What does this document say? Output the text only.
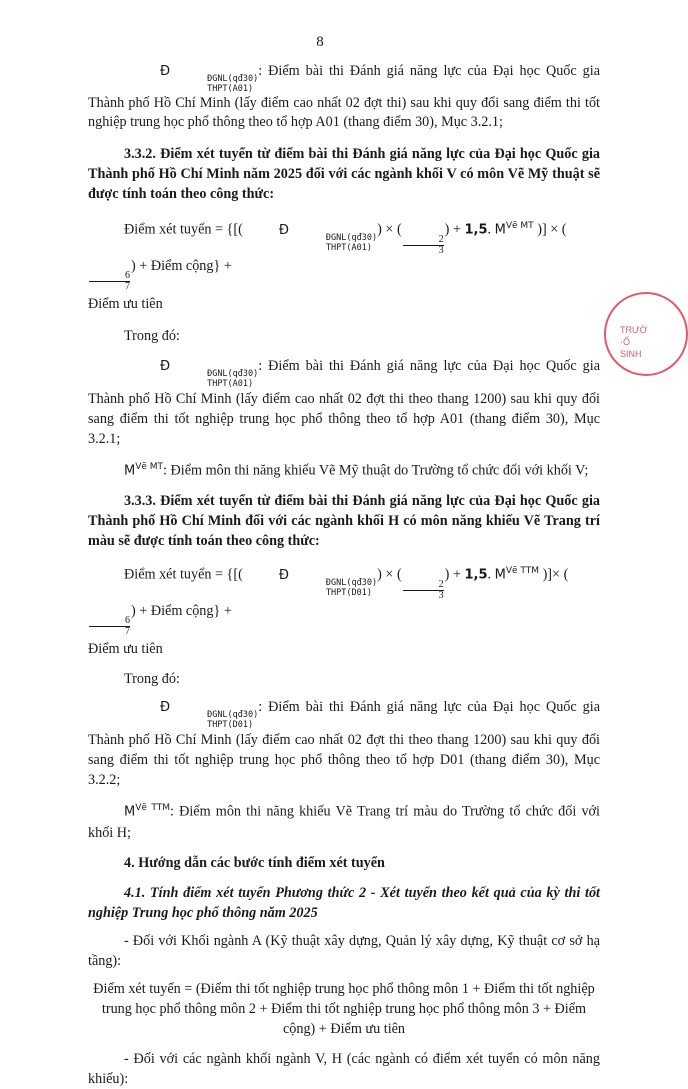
8

Đ	ĐGNL(qđ30)
THPT(A01)
: Điểm bài thi Đánh giá năng lực của Đại học Quốc gia Thành phố Hồ Chí Minh (lấy điểm cao nhất 02 đợt thi) sau khi quy đổi sang điểm thi tốt nghiệp trung học phổ thông theo tổ hợp A01 (thang điểm 30), Mục 3.2.1;

3.3.2. Điểm xét tuyển từ điểm bài thi Đánh giá năng lực của Đại học Quốc gia Thành phố Hồ Chí Minh năm 2025 đối với các ngành khối V có môn Vẽ Mỹ thuật sẽ được tính toán theo công thức:

Điểm xét tuyển = {[(	Đ	ĐGNL(qđ30)
THPT(A01)
) × (
$\frac{2}{3}$
) + 1,5. $M^{Vẽ MT}$ )] × (
$\frac{6}{7}$
) + Điểm cộng} +

Điểm ưu tiên

Trong đó:

Đ	ĐGNL(qđ30)
THPT(A01)
: Điểm bài thi Đánh giá năng lực của Đại học Quốc gia Thành phố Hồ Chí Minh (lấy điểm cao nhất 02 đợt thi theo thang 1200) sau khi quy đổi sang điểm thi tốt nghiệp trung học phổ thông theo tổ hợp A01 (thang điểm 30), Mục 3.2.1;

$M^{Vẽ MT}$: Điểm môn thi năng khiếu Vẽ Mỹ thuật do Trường tổ chức đối với khối V;

3.3.3. Điểm xét tuyển từ điểm bài thi Đánh giá năng lực của Đại học Quốc gia Thành phố Hồ Chí Minh đối với các ngành khối H có môn năng khiếu Vẽ Trang trí màu sẽ được tính toán theo công thức:

Điểm xét tuyển = {[(	Đ	ĐGNL(qđ30)
THPT(D01)
) × (
$\frac{2}{3}$
) + 1,5. $M^{Vẽ TTM}$ )]× (
$\frac{6}{7}$
) + Điểm cộng} +

Điểm ưu tiên

Trong đó:

Đ	ĐGNL(qđ30)
THPT(D01)
: Điểm bài thi Đánh giá năng lực của Đại học Quốc gia Thành phố Hồ Chí Minh (lấy điểm cao nhất 02 đợt thi theo thang 1200) sau khi quy đổi sang điểm thi tốt nghiệp trung học phổ thông theo tổ hợp D01 (thang điểm 30), Mục 3.2.2;

$M^{Vẽ TTM}$: Điểm môn thi năng khiếu Vẽ Trang trí màu do Trường tổ chức đối với khối H;

4. Hướng dẫn các bước tính điểm xét tuyển

4.1. Tính điểm xét tuyển Phương thức 2 - Xét tuyển theo kết quả của kỳ thi tốt nghiệp Trung học phổ thông năm 2025

- Đối với Khối ngành A (Kỹ thuật xây dựng, Quản lý xây dựng, Kỹ thuật cơ sở hạ tầng):

Điểm xét tuyển = (Điểm thi tốt nghiệp trung học phổ thông môn 1 + Điểm thi tốt nghiệp trung học phổ thông môn 2 + Điểm thi tốt nghiệp trung học phổ thông môn 3 + Điểm cộng) + Điểm ưu tiên

- Đối với các ngành khối ngành V, H (các ngành có điểm xét tuyển có môn năng khiếu):

TRƯỜ
·Ố
SINH
